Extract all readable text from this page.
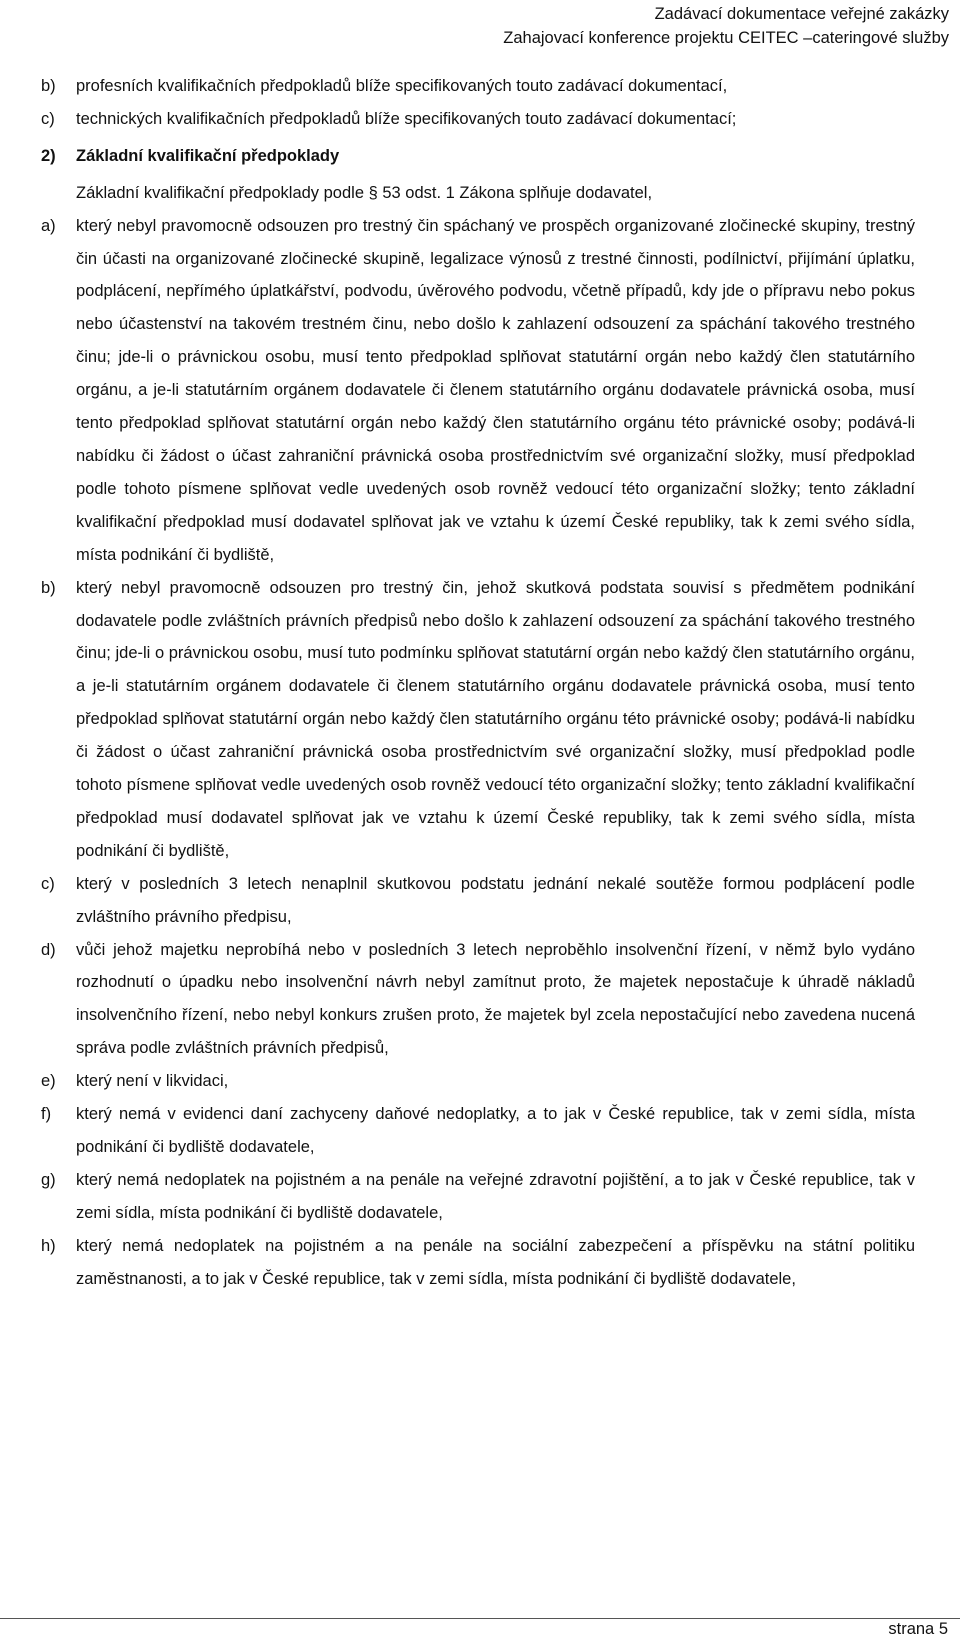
Zadávací dokumentace veřejné zakázky
Zahajovací konference projektu CEITEC –cateringové služby
b)	profesních kvalifikačních předpokladů blíže specifikovaných touto zadávací dokumentací,
c)	technických kvalifikačních předpokladů blíže specifikovaných touto zadávací dokumentací;
2)	Základní kvalifikační předpoklady
Základní kvalifikační předpoklady podle § 53 odst. 1 Zákona splňuje dodavatel,
a)	který nebyl pravomocně odsouzen pro trestný čin spáchaný ve prospěch organizované zločinecké skupiny, trestný čin účasti na organizované zločinecké skupině, legalizace výnosů z trestné činnosti, podílnictví, přijímání úplatku, podplácení, nepřímého úplatkářství, podvodu, úvěrového podvodu, včetně případů, kdy jde o přípravu nebo pokus nebo účastenství na takovém trestném činu, nebo došlo k zahlazení odsouzení za spáchání takového trestného činu; jde-li o právnickou osobu, musí tento předpoklad splňovat statutární orgán nebo každý člen statutárního orgánu, a je-li statutárním orgánem dodavatele či členem statutárního orgánu dodavatele právnická osoba, musí tento předpoklad splňovat statutární orgán nebo každý člen statutárního orgánu této právnické osoby; podává-li nabídku či žádost o účast zahraniční právnická osoba prostřednictvím své organizační složky, musí předpoklad podle tohoto písmene splňovat vedle uvedených osob rovněž vedoucí této organizační složky; tento základní kvalifikační předpoklad musí dodavatel splňovat jak ve vztahu k území České republiky, tak k zemi svého sídla, místa podnikání či bydliště,
b)	který nebyl pravomocně odsouzen pro trestný čin, jehož skutková podstata souvisí s předmětem podnikání dodavatele podle zvláštních právních předpisů nebo došlo k zahlazení odsouzení za spáchání takového trestného činu; jde-li o právnickou osobu, musí tuto podmínku splňovat statutární orgán nebo každý člen statutárního orgánu, a je-li statutárním orgánem dodavatele či členem statutárního orgánu dodavatele právnická osoba, musí tento předpoklad splňovat statutární orgán nebo každý člen statutárního orgánu této právnické osoby; podává-li nabídku či žádost o účast zahraniční právnická osoba prostřednictvím své organizační složky, musí předpoklad podle tohoto písmene splňovat vedle uvedených osob rovněž vedoucí této organizační složky; tento základní kvalifikační předpoklad musí dodavatel splňovat jak ve vztahu k území České republiky, tak k zemi svého sídla, místa podnikání či bydliště,
c)	který v posledních 3 letech nenaplnil skutkovou podstatu jednání nekalé soutěže formou podplácení podle zvláštního právního předpisu,
d)	vůči jehož majetku neprobíhá nebo v posledních 3 letech neproběhlo insolvenční řízení, v němž bylo vydáno rozhodnutí o úpadku nebo insolvenční návrh nebyl zamítnut proto, že majetek nepostačuje k úhradě nákladů insolvenčního řízení, nebo nebyl konkurs zrušen proto, že majetek byl zcela nepostačující nebo zavedena nucená správa podle zvláštních právních předpisů,
e)	který není v likvidaci,
f)	který nemá v evidenci daní zachyceny daňové nedoplatky, a to jak v České republice, tak v zemi sídla, místa podnikání či bydliště dodavatele,
g)	který nemá nedoplatek na pojistném a na penále na veřejné zdravotní pojištění, a to jak v České republice, tak v zemi sídla, místa podnikání či bydliště dodavatele,
h)	který nemá nedoplatek na pojistném a na penále na sociální zabezpečení a příspěvku na státní politiku zaměstnanosti, a to jak v České republice, tak v zemi sídla, místa podnikání či bydliště dodavatele,
strana 5
